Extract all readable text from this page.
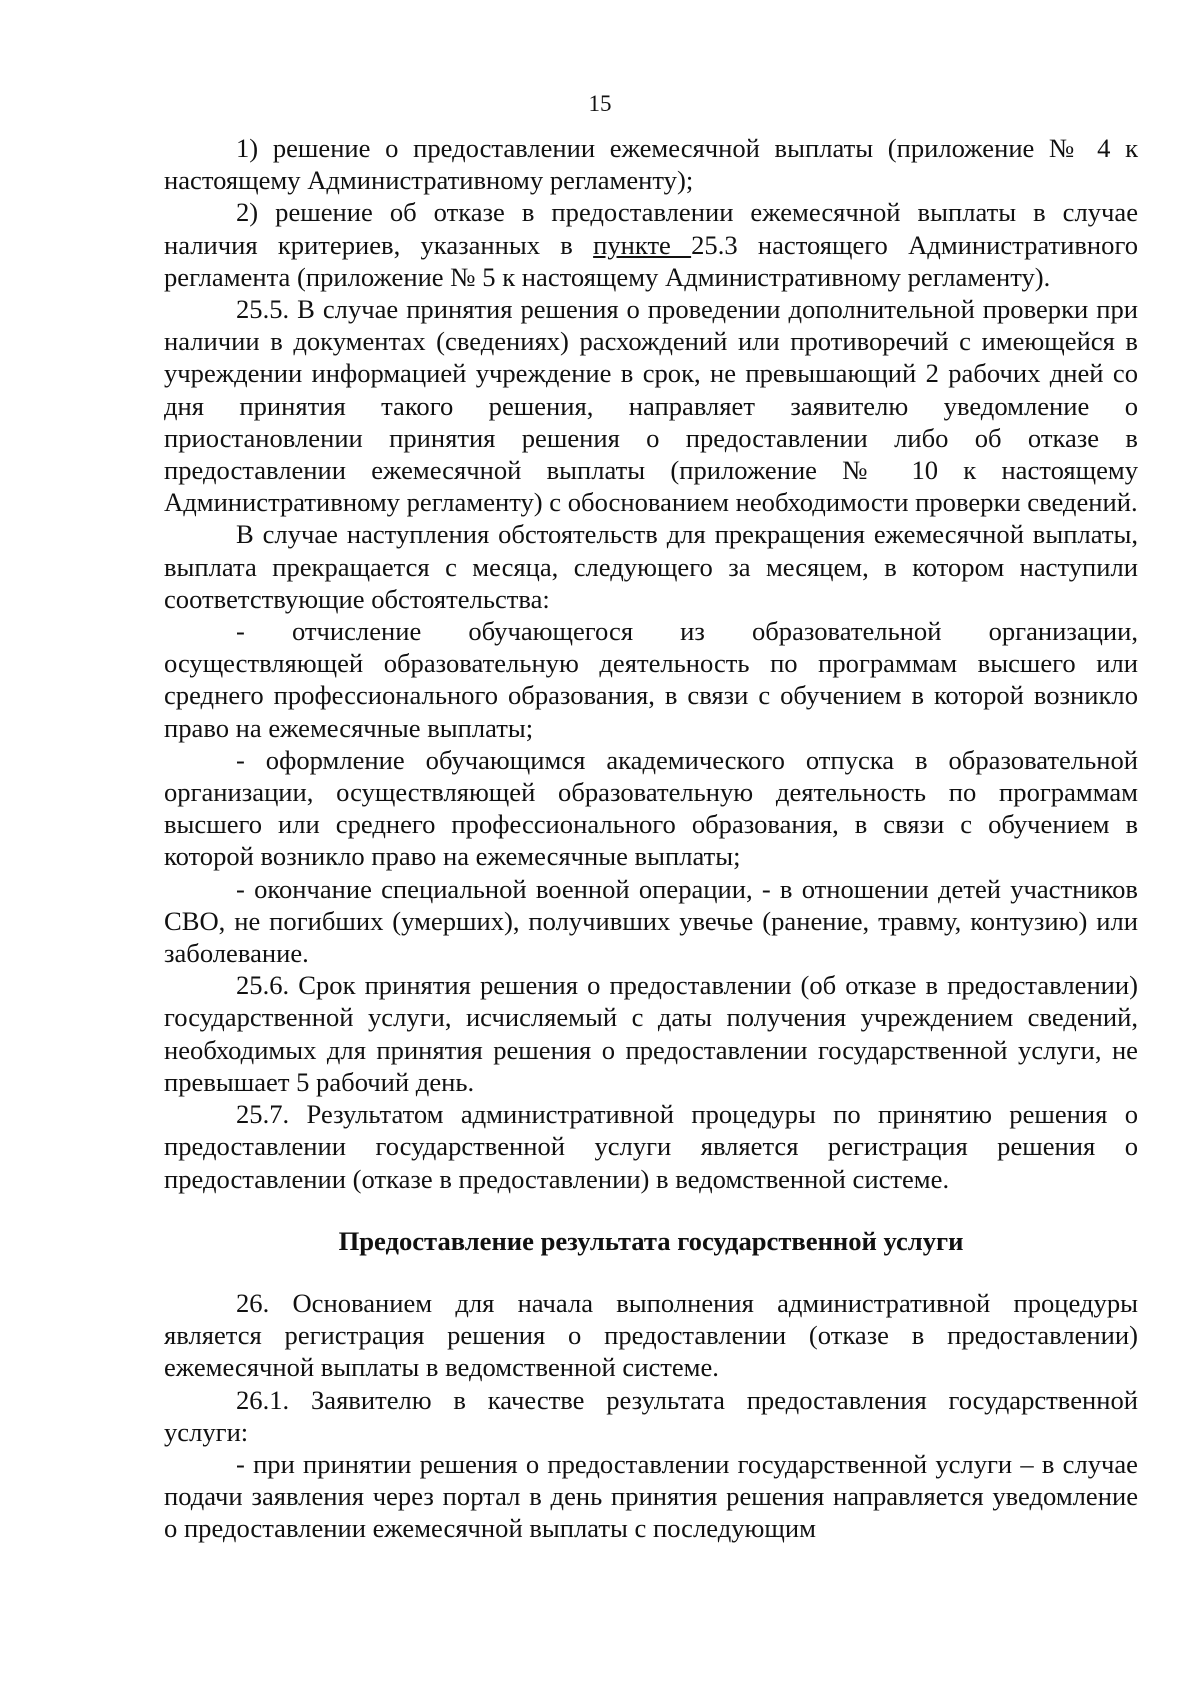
15

1) решение о предоставлении ежемесячной выплаты (приложение № 4 к настоящему Административному регламенту);

2) решение об отказе в предоставлении ежемесячной выплаты в случае наличия критериев, указанных в пункте 25.3 настоящего Административного регламента (приложение № 5 к настоящему Административному регламенту).

25.5. В случае принятия решения о проведении дополнительной проверки при наличии в документах (сведениях) расхождений или противоречий с имеющейся в учреждении информацией учреждение в срок, не превышающий 2 рабочих дней со дня принятия такого решения, направляет заявителю уведомление о приостановлении принятия решения о предоставлении либо об отказе в предоставлении ежемесячной выплаты (приложение № 10 к настоящему Административному регламенту) с обоснованием необходимости проверки сведений.

В случае наступления обстоятельств для прекращения ежемесячной выплаты, выплата прекращается с месяца, следующего за месяцем, в котором наступили соответствующие обстоятельства:

- отчисление обучающегося из образовательной организации, осуществляющей образовательную деятельность по программам высшего или среднего профессионального образования, в связи с обучением в которой возникло право на ежемесячные выплаты;

- оформление обучающимся академического отпуска в образовательной организации, осуществляющей образовательную деятельность по программам высшего или среднего профессионального образования, в связи с обучением в которой возникло право на ежемесячные выплаты;

- окончание специальной военной операции, - в отношении детей участников СВО, не погибших (умерших), получивших увечье (ранение, травму, контузию) или заболевание.

25.6. Срок принятия решения о предоставлении (об отказе в предоставлении) государственной услуги, исчисляемый с даты получения учреждением сведений, необходимых для принятия решения о предоставлении государственной услуги, не превышает 5 рабочий день.

25.7. Результатом административной процедуры по принятию решения о предоставлении государственной услуги является регистрация решения о предоставлении (отказе в предоставлении) в ведомственной системе.

Предоставление результата государственной услуги

26. Основанием для начала выполнения административной процедуры является регистрация решения о предоставлении (отказе в предоставлении) ежемесячной выплаты в ведомственной системе.

26.1. Заявителю в качестве результата предоставления государственной услуги:

- при принятии решения о предоставлении государственной услуги – в случае подачи заявления через портал в день принятия решения направляется уведомление о предоставлении ежемесячной выплаты с последующим
